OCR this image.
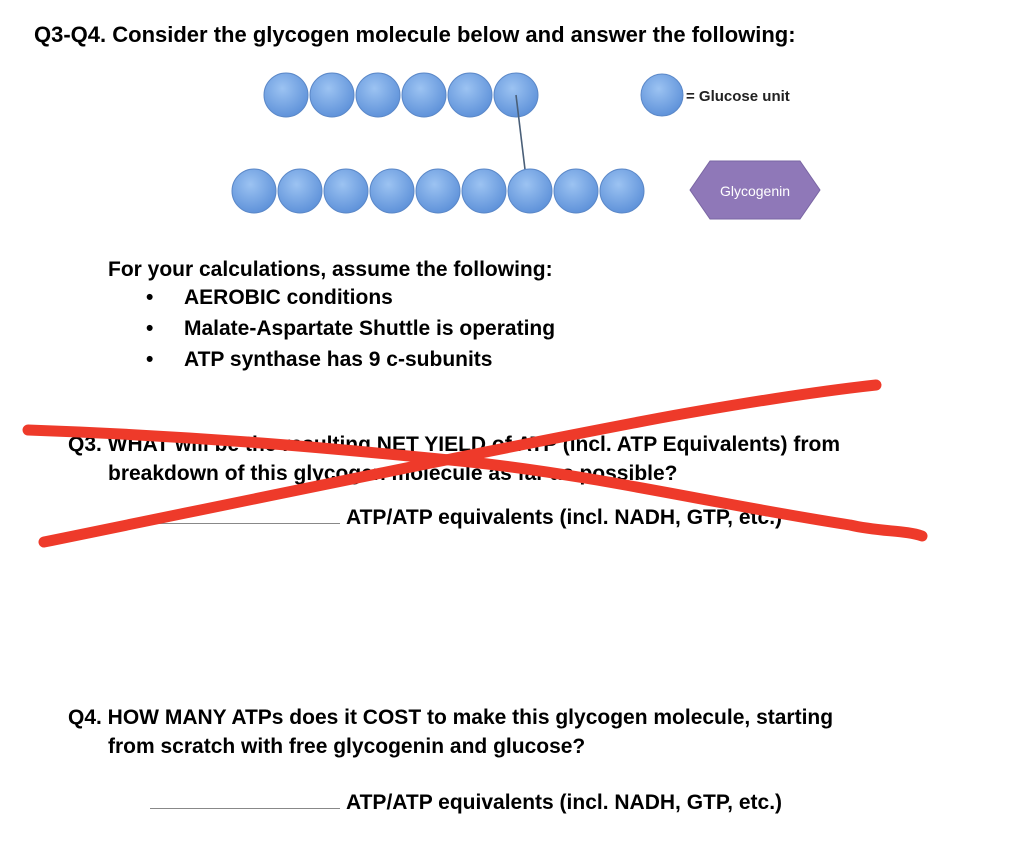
Q3-Q4. Consider the glycogen molecule below and answer the following:
= Glucose unit
Glycogenin
For your calculations, assume the following:
• AEROBIC conditions
• Malate-Aspartate Shuttle is operating
• ATP synthase has 9 c-subunits
Q3. WHAT will be the resulting NET YIELD of ATP (incl. ATP Equivalents) from
breakdown of this glycogen molecule as far as possible?
ATP/ATP equivalents (incl. NADH, GTP, etc.)
Q4. HOW MANY ATPs does it COST to make this glycogen molecule, starting
from scratch with free glycogenin and glucose?
ATP/ATP equivalents (incl. NADH, GTP, etc.)
